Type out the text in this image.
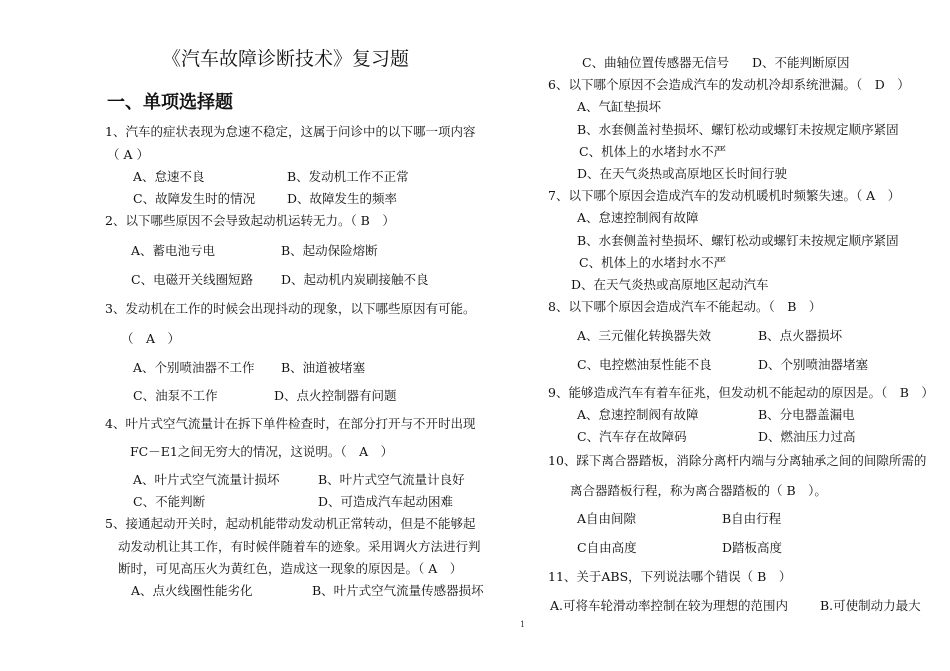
《汽车故障诊断技术》复习题
一、单项选择题
1、汽车的症状表现为怠速不稳定，这属于问诊中的以下哪一项内容
（ A ）
A、怠速不良	B、发动机工作不正常
C、故障发生时的情况	D、故障发生的频率
2、以下哪些原因不会导致起动机运转无力。（ B　）
A、蓄电池亏电	B、起动保险熔断
C、电磁开关线圈短路 D、起动机内炭刷接触不良
3、发动机在工作的时候会出现抖动的现象，以下哪些原因有可能。
（　A　）
A、个别喷油器不工作 B、油道被堵塞
C、油泵不工作	D、点火控制器有问题
4、叶片式空气流量计在拆下单件检查时，在部分打开与不开时出现
FC－E1之间无穷大的情况，这说明。（　A　）
A、叶片式空气流量计损坏	B、叶片式空气流量计良好
C、不能判断	D、可造成汽车起动困难
5、接通起动开关时，起动机能带动发动机正常转动，但是不能够起
动发动机让其工作，有时候伴随着车的迹象。采用调火方法进行判
断时，可见高压火为黄红色，造成这一现象的原因是。（ A　）
A、点火线圈性能劣化	B、叶片式空气流量传感器损坏
C、曲轴位置传感器无信号 D、不能判断原因
6、以下哪个原因不会造成汽车的发动机冷却系统泄漏。（　D　）
A、气缸垫损坏
B、水套侧盖衬垫损坏、螺钉松动或螺钉未按规定顺序紧固
C、机体上的水堵封水不严
D、在天气炎热或高原地区长时间行驶
7、以下哪个原因会造成汽车的发动机暖机时频繁失速。（ A　）
A、怠速控制阀有故障
B、水套侧盖衬垫损坏、螺钉松动或螺钉未按规定顺序紧固
C、机体上的水堵封水不严
D、在天气炎热或高原地区起动汽车
8、以下哪个原因会造成汽车不能起动。（　B　）
A、三元催化转换器失效	B、点火器损坏
C、电控燃油泵性能不良	D、个别喷油器堵塞
9、能够造成汽车有着车征兆，但发动机不能起动的原因是。（　B　）
A、怠速控制阀有故障	B、分电器盖漏电
C、汽车存在故障码	D、燃油压力过高
10、踩下离合器踏板，消除分离杆内端与分离轴承之间的间隙所需的
离合器踏板行程，称为离合器踏板的（ B　）。
A自由间隙	B自由行程
C自由高度	D踏板高度
11、关于ABS，下列说法哪个错误（ B　）
A.可将车轮滑动率控制在较为理想的范围内	B.可使制动力最大
1
